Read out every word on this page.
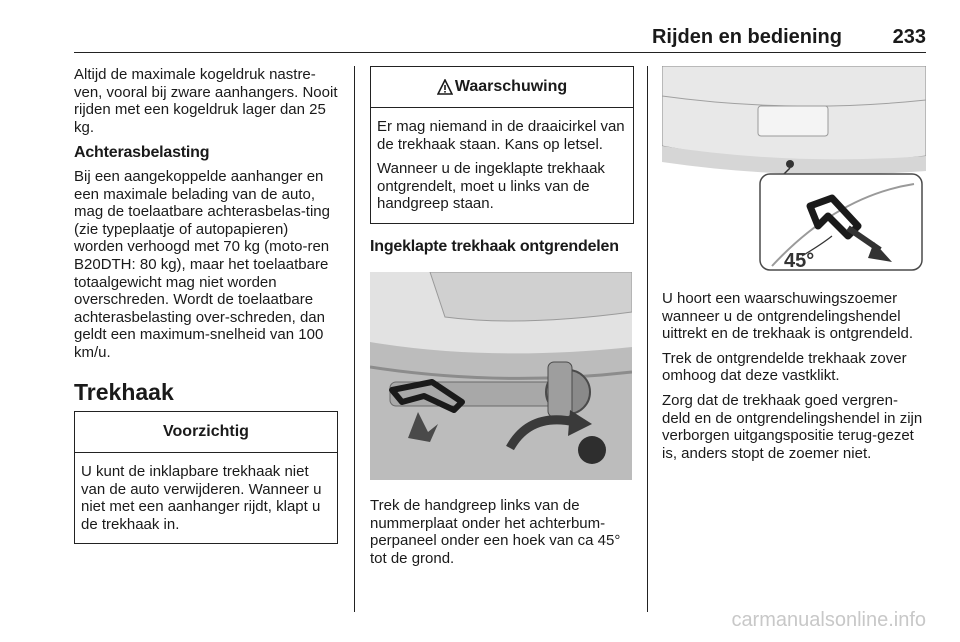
Rijden en bediening	233

Altijd de maximale kogeldruk nastre-ven, vooral bij zware aanhangers. Nooit rijden met een kogeldruk lager dan 25 kg.

Achterasbelasting

Bij een aangekoppelde aanhanger en een maximale belading van de auto, mag de toelaatbare achterasbelas-ting (zie typeplaatje of autopapieren) worden verhoogd met 70 kg (moto-ren B20DTH: 80 kg), maar het toelaatbare totaalgewicht mag niet worden overschreden. Wordt de toelaatbare achterasbelasting over-schreden, dan geldt een maximum-snelheid van 100 km/u.

Trekhaak
Voorzichtig

U kunt de inklapbare trekhaak niet van de auto verwijderen. Wanneer u niet met een aanhanger rijdt, klapt u de trekhaak in.

Waarschuwing

Er mag niemand in de draaicirkel van de trekhaak staan. Kans op letsel.

Wanneer u de ingeklapte trekhaak ontgrendelt, moet u links van de handgreep staan.

Ingeklapte trekhaak ontgrendelen
Trek de handgreep links van de nummerplaat onder het achterbum-perpaneel onder een hoek van ca 45° tot de grond.
45°

U hoort een waarschuwingszoemer wanneer u de ontgrendelingshendel uittrekt en de trekhaak is ontgrendeld.

Trek de ontgrendelde trekhaak zover omhoog dat deze vastklikt.

Zorg dat de trekhaak goed vergren-deld en de ontgrendelingshendel in zijn verborgen uitgangspositie terug-gezet is, anders stopt de zoemer niet.

carmanualsonline.info
